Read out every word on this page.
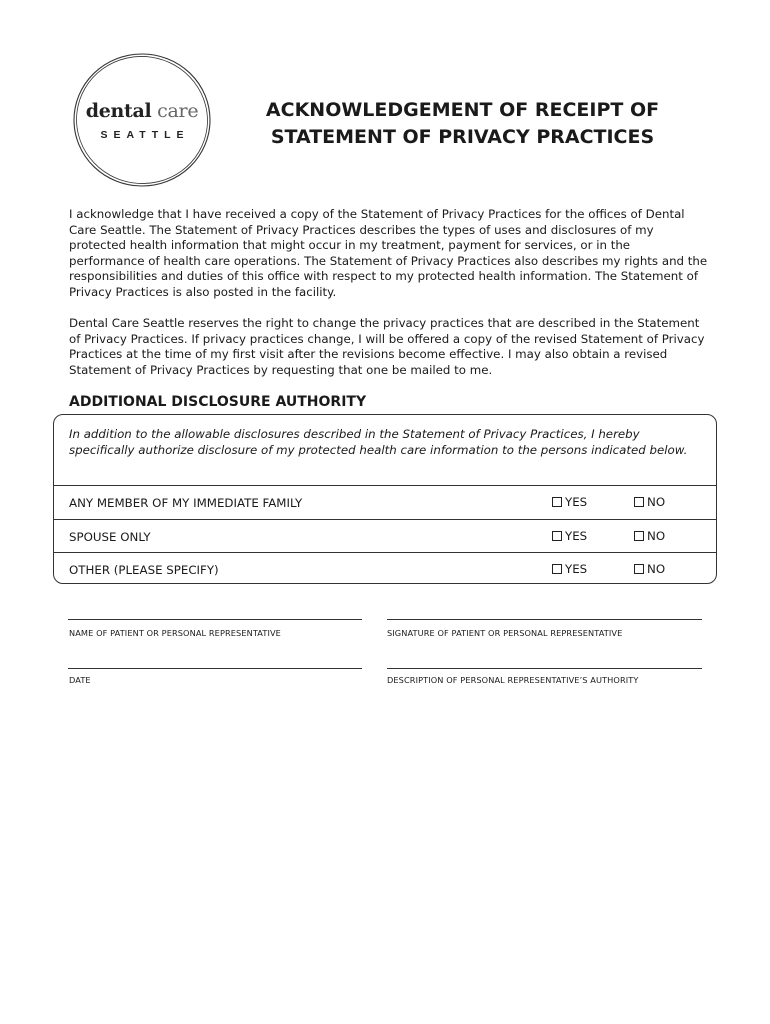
dental care
SEATTLE
ACKNOWLEDGEMENT OF RECEIPT OF
STATEMENT OF PRIVACY PRACTICES

I acknowledge that I have received a copy of the Statement of Privacy Practices for the offices of Dental Care Seattle. The Statement of Privacy Practices describes the types of uses and disclosures of my protected health information that might occur in my treatment, payment for services, or in the performance of health care operations. The Statement of Privacy Practices also describes my rights and the responsibilities and duties of this office with respect to my protected health information. The Statement of Privacy Practices is also posted in the facility.

Dental Care Seattle reserves the right to change the privacy practices that are described in the Statement of Privacy Practices. If privacy practices change, I will be offered a copy of the revised Statement of Privacy Practices at the time of my first visit after the revisions become effective. I may also obtain a revised Statement of Privacy Practices by requesting that one be mailed to me.

ADDITIONAL DISCLOSURE AUTHORITY
In addition to the allowable disclosures described in the Statement of Privacy Practices, I hereby specifically authorize disclosure of my protected health care information to the persons indicated below.
ANY MEMBER OF MY IMMEDIATE FAMILY	YES	NO
SPOUSE ONLY	YES	NO
OTHER (PLEASE SPECIFY)	YES	NO
NAME OF PATIENT OR PERSONAL REPRESENTATIVE	SIGNATURE OF PATIENT OR PERSONAL REPRESENTATIVE
DATE	DESCRIPTION OF PERSONAL REPRESENTATIVE’S AUTHORITY
